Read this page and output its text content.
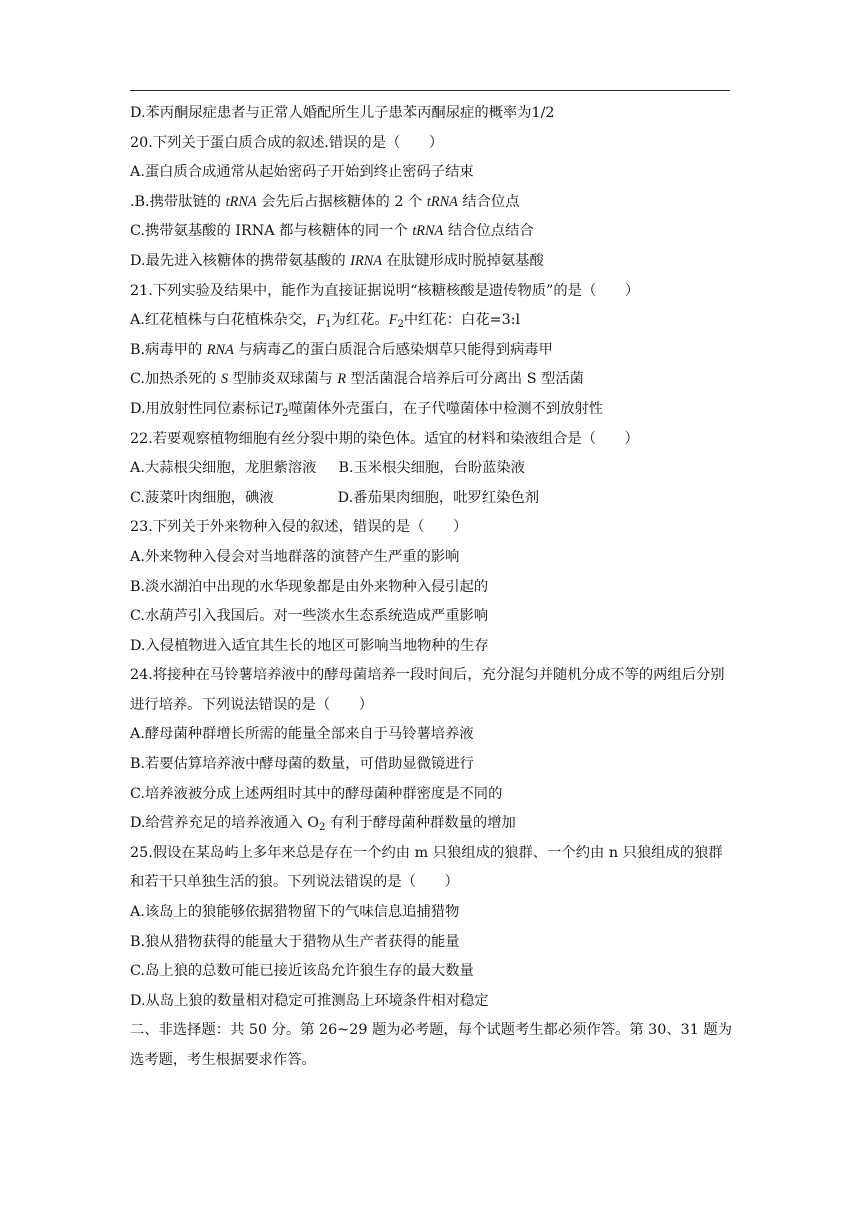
D.苯丙酮尿症患者与正常人婚配所生儿子患苯丙酮尿症的概率为1/2
20.下列关于蛋白质合成的叙述.错误的是（　　）
A.蛋白质合成通常从起始密码子开始到终止密码子结束
.B.携带肽链的 tRNA 会先后占据核糖体的 2 个 tRNA 结合位点
C.携带氨基酸的 IRNA 都与核糖体的同一个 tRNA 结合位点结合
D.最先进入核糖体的携带氨基酸的 IRNA 在肽键形成时脱掉氨基酸
21.下列实验及结果中，能作为直接证据说明“核糖核酸是遗传物质”的是（　　）
A.红花植株与白花植株杂交，$F_1$为红花。$F_2$中红花：白花=3:l
B.病毒甲的 RNA 与病毒乙的蛋白质混合后感染烟草只能得到病毒甲
C.加热杀死的 S 型肺炎双球菌与 R 型活菌混合培养后可分离出 S 型活菌
D.用放射性同位素标记$T_2$噬菌体外壳蛋白，在子代噬菌体中检测不到放射性
22.若要观察植物细胞有丝分裂中期的染色体。适宜的材料和染液组合是（　　）
A.大蒜根尖细胞，龙胆紫溶液 B.玉米根尖细胞，台盼蓝染液
C.菠菜叶肉细胞，碘液	D.番茄果肉细胞，吡罗红染色剂
23.下列关于外来物种入侵的叙述，错误的是（　　）
A.外来物种入侵会对当地群落的演替产生严重的影响
B.淡水湖泊中出现的水华现象都是由外来物种入侵引起的
C.水葫芦引入我国后。对一些淡水生态系统造成严重影响
D.入侵植物进入适宜其生长的地区可影响当地物种的生存
24.将接种在马铃薯培养液中的酵母菌培养一段时间后，充分混匀并随机分成不等的两组后分别进行培养。下列说法错误的是（　　）
A.酵母菌种群增长所需的能量全部来自于马铃薯培养液
B.若要估算培养液中酵母菌的数量，可借助显微镜进行
C.培养液被分成上述两组时其中的酵母菌种群密度是不同的
D.给营养充足的培养液通入 $O_2$ 有利于酵母菌种群数量的增加
25.假设在某岛屿上多年来总是存在一个约由 m 只狼组成的狼群、一个约由 n 只狼组成的狼群和若干只单独生活的狼。下列说法错误的是（　　）
A.该岛上的狼能够依据猎物留下的气味信息追捕猎物
B.狼从猎物获得的能量大于猎物从生产者获得的能量
C.岛上狼的总数可能已接近该岛允许狼生存的最大数量
D.从岛上狼的数量相对稳定可推测岛上环境条件相对稳定
二、非选择题：共 50 分。第 26~29 题为必考题，每个试题考生都必须作答。第 30、31 题为选考题，考生根据要求作答。
